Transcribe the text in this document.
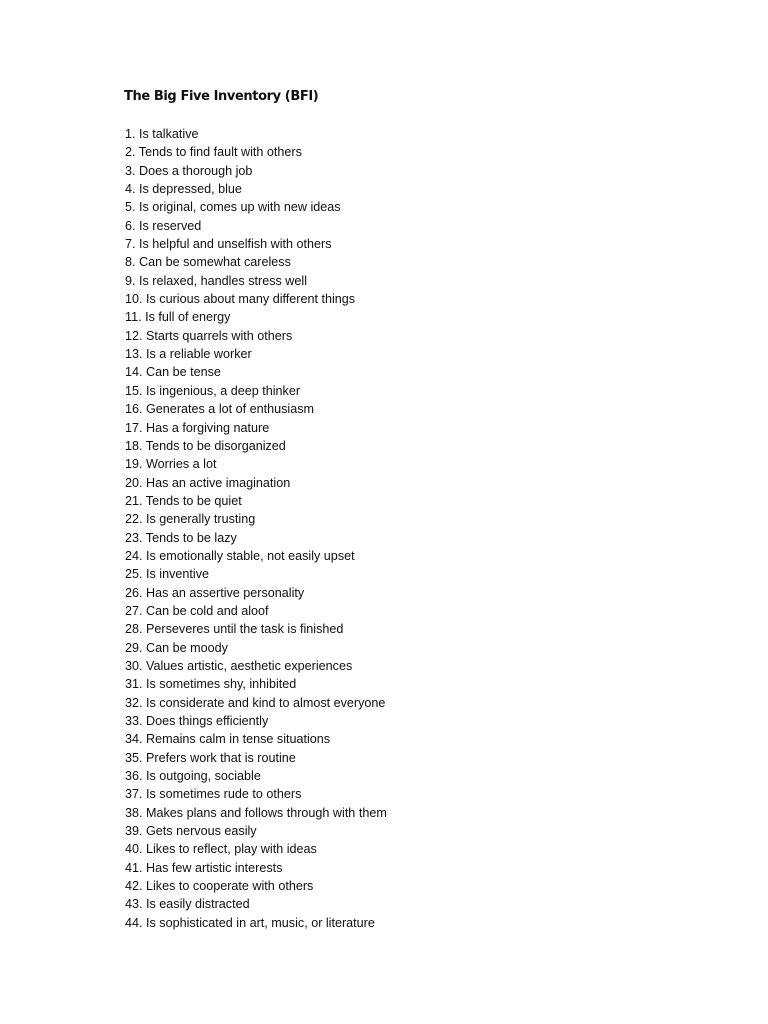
The Big Five Inventory (BFI)
1. Is talkative
2. Tends to find fault with others
3. Does a thorough job
4. Is depressed, blue
5. Is original, comes up with new ideas
6. Is reserved
7. Is helpful and unselfish with others
8. Can be somewhat careless
9. Is relaxed, handles stress well
10. Is curious about many different things
11. Is full of energy
12. Starts quarrels with others
13. Is a reliable worker
14. Can be tense
15. Is ingenious, a deep thinker
16. Generates a lot of enthusiasm
17. Has a forgiving nature
18. Tends to be disorganized
19. Worries a lot
20. Has an active imagination
21. Tends to be quiet
22. Is generally trusting
23. Tends to be lazy
24. Is emotionally stable, not easily upset
25. Is inventive
26. Has an assertive personality
27. Can be cold and aloof
28. Perseveres until the task is finished
29. Can be moody
30. Values artistic, aesthetic experiences
31. Is sometimes shy, inhibited
32. Is considerate and kind to almost everyone
33. Does things efficiently
34. Remains calm in tense situations
35. Prefers work that is routine
36. Is outgoing, sociable
37. Is sometimes rude to others
38. Makes plans and follows through with them
39. Gets nervous easily
40. Likes to reflect, play with ideas
41. Has few artistic interests
42. Likes to cooperate with others
43. Is easily distracted
44. Is sophisticated in art, music, or literature
